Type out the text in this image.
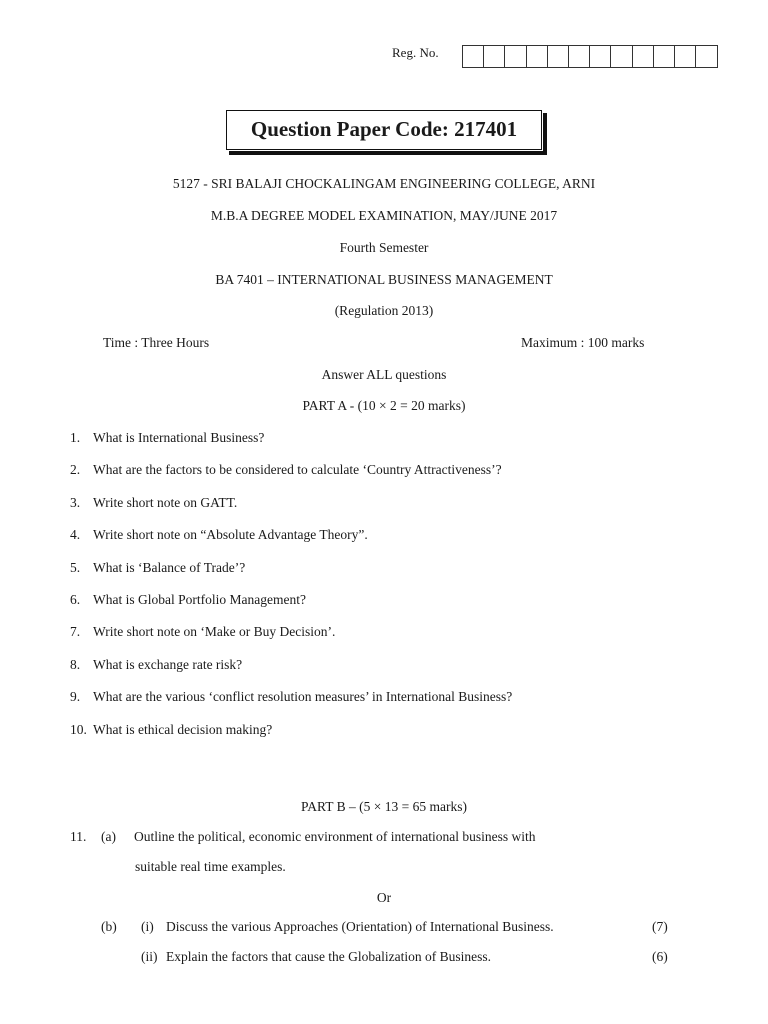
Reg. No.
Question Paper Code: 217401
5127 - SRI BALAJI CHOCKALINGAM ENGINEERING COLLEGE, ARNI
M.B.A DEGREE MODEL EXAMINATION, MAY/JUNE 2017
Fourth Semester
BA 7401 – INTERNATIONAL BUSINESS MANAGEMENT
(Regulation 2013)
Time : Three Hours	Maximum : 100 marks
Answer ALL questions
PART A - (10 × 2 = 20 marks)
1. What is International Business?
2. What are the factors to be considered to calculate ‘Country Attractiveness’?
3. Write short note on GATT.
4. Write short note on “Absolute Advantage Theory”.
5. What is ‘Balance of Trade’?
6. What is Global Portfolio Management?
7. Write short note on ‘Make or Buy Decision’.
8. What is exchange rate risk?
9. What are the various ‘conflict resolution measures’ in International Business?
10. What is ethical decision making?
PART B – (5 × 13 = 65 marks)
11. (a) Outline the political, economic environment of international business with
suitable real time examples.
Or
(b) (i) Discuss the various Approaches (Orientation) of International Business.	(7)
(ii) Explain the factors that cause the Globalization of Business.	(6)
